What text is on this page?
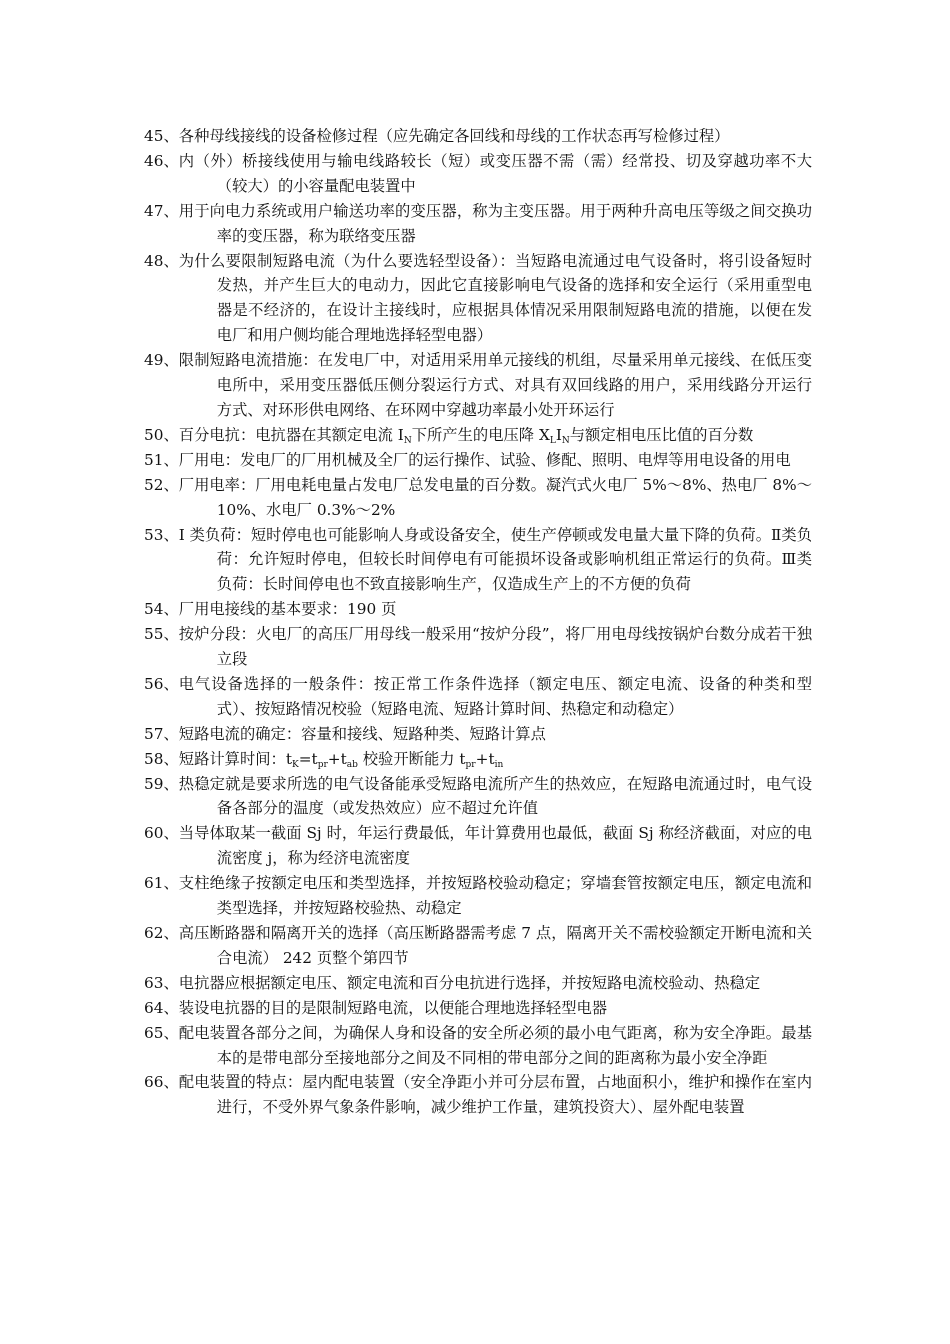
45、 各种母线接线的设备检修过程（应先确定各回线和母线的工作状态再写检修过程）
46、 内（外）桥接线使用与输电线路较长（短）或变压器不需（需）经常投、切及穿越功率不大（较大）的小容量配电装置中
47、 用于向电力系统或用户输送功率的变压器，称为主变压器。用于两种升高电压等级之间交换功率的变压器，称为联络变压器
48、 为什么要限制短路电流（为什么要选轻型设备）：当短路电流通过电气设备时，将引设备短时发热，并产生巨大的电动力，因此它直接影响电气设备的选择和安全运行（采用重型电器是不经济的，在设计主接线时，应根据具体情况采用限制短路电流的措施，以便在发电厂和用户侧均能合理地选择轻型电器）
49、 限制短路电流措施：在发电厂中，对适用采用单元接线的机组，尽量采用单元接线、在低压变电所中，采用变压器低压侧分裂运行方式、对具有双回线路的用户，采用线路分开运行方式、对环形供电网络、在环网中穿越功率最小处开环运行
50、 百分电抗：电抗器在其额定电流 $I_N$下所产生的电压降 $X_LI_N$与额定相电压比值的百分数
51、 厂用电：发电厂的厂用机械及全厂的运行操作、试验、修配、照明、电焊等用电设备的用电
52、 厂用电率：厂用电耗电量占发电厂总发电量的百分数。凝汽式火电厂 5%～8%、热电厂 8%～10%、水电厂 0.3%～2%
53、 Ⅰ 类负荷：短时停电也可能影响人身或设备安全，使生产停顿或发电量大量下降的负荷。Ⅱ类负荷：允许短时停电，但较长时间停电有可能损坏设备或影响机组正常运行的负荷。Ⅲ类负荷：长时间停电也不致直接影响生产，仅造成生产上的不方便的负荷
54、 厂用电接线的基本要求：190 页
55、 按炉分段：火电厂的高压厂用母线一般采用“按炉分段”，将厂用电母线按锅炉台数分成若干独立段
56、 电气设备选择的一般条件：按正常工作条件选择（额定电压、额定电流、设备的种类和型式）、按短路情况校验（短路电流、短路计算时间、热稳定和动稳定）
57、 短路电流的确定：容量和接线、短路种类、短路计算点
58、 短路计算时间：$t_K=t_{pr}+t_{ab}$ 校验开断能力 $t_{pr}+t_{in}$
59、 热稳定就是要求所选的电气设备能承受短路电流所产生的热效应，在短路电流通过时，电气设备各部分的温度（或发热效应）应不超过允许值
60、 当导体取某一截面 Sj 时，年运行费最低，年计算费用也最低，截面 Sj 称经济截面，对应的电流密度 j，称为经济电流密度
61、 支柱绝缘子按额定电压和类型选择，并按短路校验动稳定；穿墙套管按额定电压，额定电流和类型选择，并按短路校验热、动稳定
62、 高压断路器和隔离开关的选择（高压断路器需考虑 7 点，隔离开关不需校验额定开断电流和关合电流） 242 页整个第四节
63、 电抗器应根据额定电压、额定电流和百分电抗进行选择，并按短路电流校验动、热稳定
64、 装设电抗器的目的是限制短路电流，以便能合理地选择轻型电器
65、 配电装置各部分之间，为确保人身和设备的安全所必须的最小电气距离，称为安全净距。最基本的是带电部分至接地部分之间及不同相的带电部分之间的距离称为最小安全净距
66、 配电装置的特点：屋内配电装置（安全净距小并可分层布置，占地面积小，维护和操作在室内进行，不受外界气象条件影响，减少维护工作量，建筑投资大）、屋外配电装置
